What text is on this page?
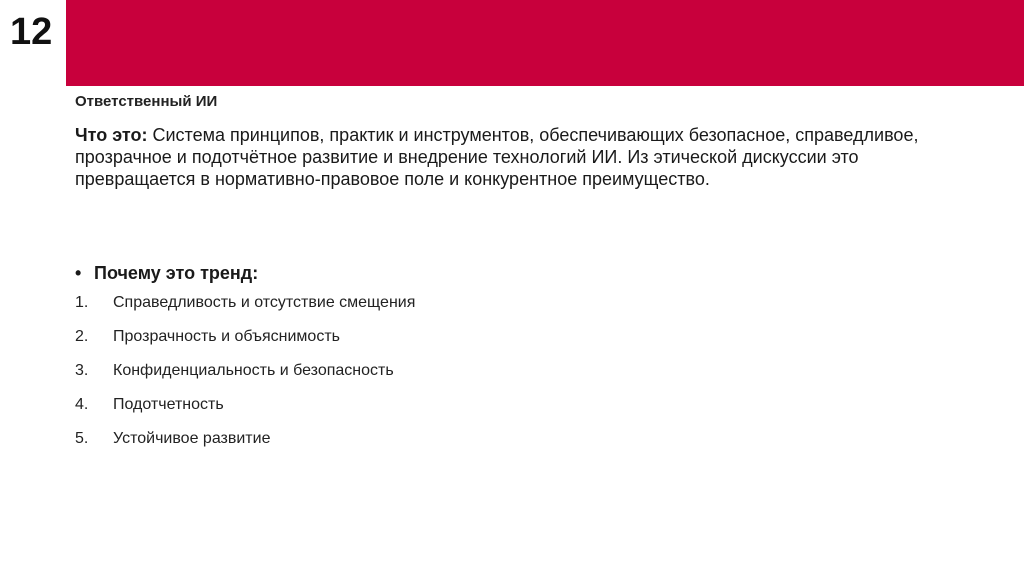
12
Ответственный ИИ
Что это: Система принципов, практик и инструментов, обеспечивающих безопасное, справедливое, прозрачное и подотчётное развитие и внедрение технологий ИИ. Из этической дискуссии это превращается в нормативно-правовое поле и конкурентное преимущество.
• Почему это тренд:
1.	Справедливость и отсутствие смещения
2.	Прозрачность и объяснимость
3.	Конфиденциальность и безопасность
4.	Подотчетность
5.	Устойчивое развитие
